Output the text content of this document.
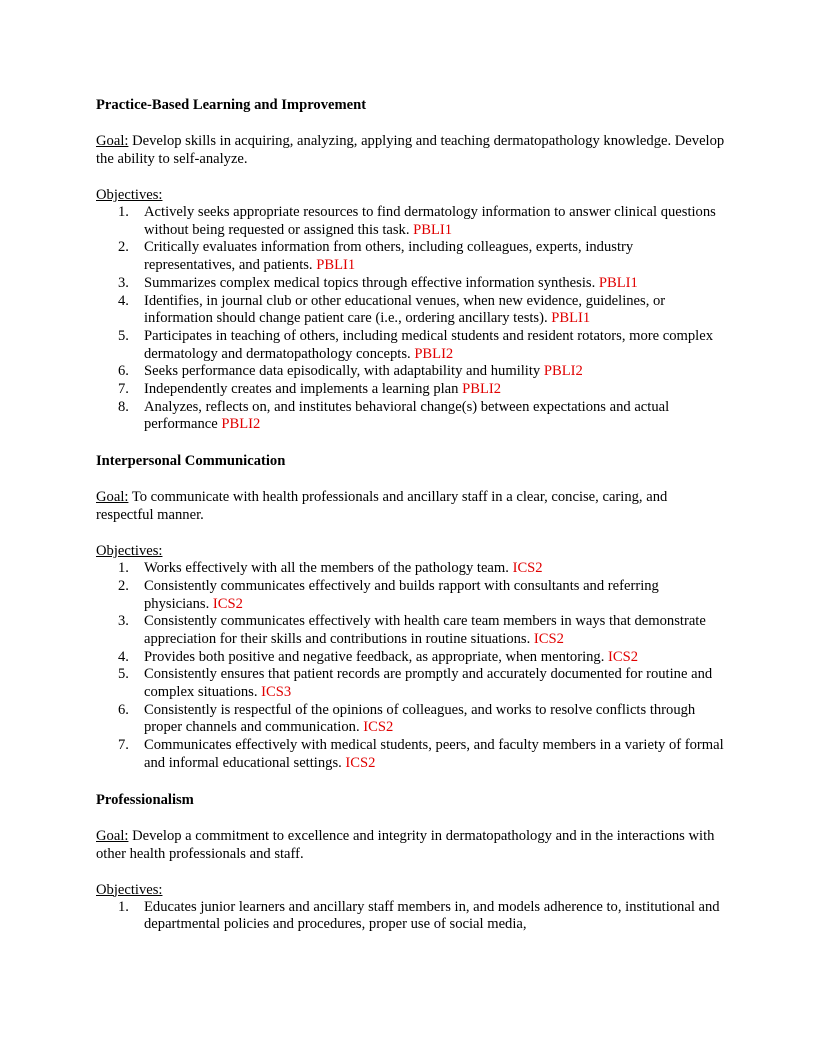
Practice-Based Learning and Improvement
Goal: Develop skills in acquiring, analyzing, applying and teaching dermatopathology knowledge. Develop the ability to self-analyze.
Objectives:
1. Actively seeks appropriate resources to find dermatology information to answer clinical questions without being requested or assigned this task. PBLI1
2. Critically evaluates information from others, including colleagues, experts, industry representatives, and patients. PBLI1
3. Summarizes complex medical topics through effective information synthesis. PBLI1
4. Identifies, in journal club or other educational venues, when new evidence, guidelines, or information should change patient care (i.e., ordering ancillary tests). PBLI1
5. Participates in teaching of others, including medical students and resident rotators, more complex dermatology and dermatopathology concepts. PBLI2
6. Seeks performance data episodically, with adaptability and humility PBLI2
7. Independently creates and implements a learning plan PBLI2
8. Analyzes, reflects on, and institutes behavioral change(s) between expectations and actual performance PBLI2
Interpersonal Communication
Goal: To communicate with health professionals and ancillary staff in a clear, concise, caring, and respectful manner.
Objectives:
1. Works effectively with all the members of the pathology team. ICS2
2. Consistently communicates effectively and builds rapport with consultants and referring physicians. ICS2
3. Consistently communicates effectively with health care team members in ways that demonstrate appreciation for their skills and contributions in routine situations. ICS2
4. Provides both positive and negative feedback, as appropriate, when mentoring. ICS2
5. Consistently ensures that patient records are promptly and accurately documented for routine and complex situations. ICS3
6. Consistently is respectful of the opinions of colleagues, and works to resolve conflicts through proper channels and communication. ICS2
7. Communicates effectively with medical students, peers, and faculty members in a variety of formal and informal educational settings. ICS2
Professionalism
Goal: Develop a commitment to excellence and integrity in dermatopathology and in the interactions with other health professionals and staff.
Objectives:
1. Educates junior learners and ancillary staff members in, and models adherence to, institutional and departmental policies and procedures, proper use of social media,
